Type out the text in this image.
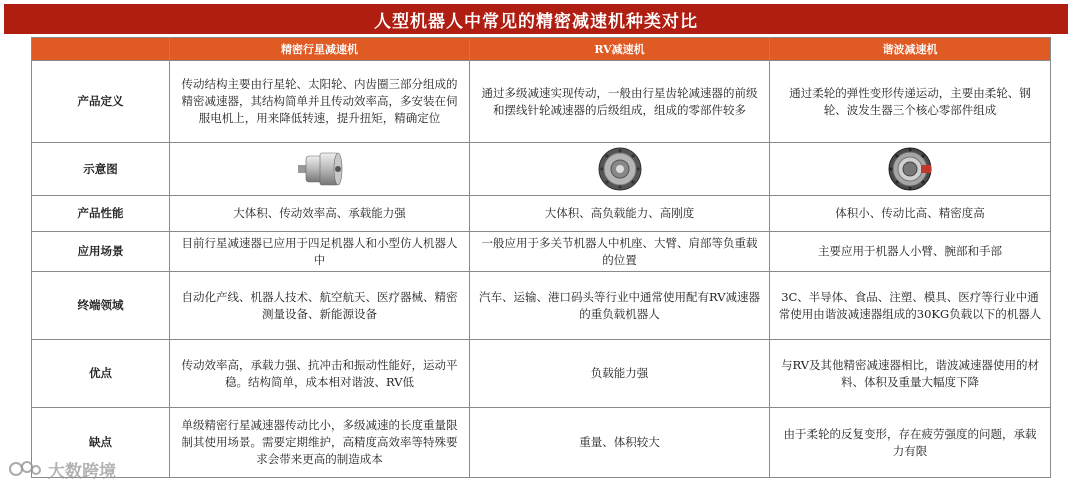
人型机器人中常见的精密减速机种类对比
	精密行星减速机	RV减速机	谐波减速机
产品定义	传动结构主要由行星轮、太阳轮、内齿圈三部分组成的精密减速器，其结构简单并且传动效率高，多安装在伺服电机上，用来降低转速，提升扭矩，精确定位	通过多级减速实现传动，一般由行星齿轮减速器的前级和摆线针轮减速器的后级组成，组成的零部件较多	通过柔轮的弹性变形传递运动，主要由柔轮、钢轮、波发生器三个核心零部件组成
示意图	

产品性能	大体积、传动效率高、承载能力强	大体积、高负载能力、高刚度	体积小、传动比高、精密度高
应用场景	目前行星减速器已应用于四足机器人和小型仿人机器人中	一般应用于多关节机器人中机座、大臂、肩部等负重载的位置	主要应用于机器人小臂、腕部和手部
终端领域	自动化产线、机器人技术、航空航天、医疗器械、精密测量设备、新能源设备	汽车、运输、港口码头等行业中通常使用配有RV减速器的重负载机器人	3C、半导体、食品、注塑、模具、医疗等行业中通常使用由谐波减速器组成的30KG负载以下的机器人
优点	传动效率高，承载力强、抗冲击和振动性能好，运动平稳。结构简单，成本相对谐波、RV低	负载能力强	与RV及其他精密减速器相比，谐波减速器使用的材料、体积及重量大幅度下降
缺点	单级精密行星减速器传动比小，多级减速的长度重量限制其使用场景。需要定期维护，高精度高效率等特殊要求会带来更高的制造成本	重量、体积较大	由于柔轮的反复变形，存在疲劳强度的问题，承载力有限
大数跨境
